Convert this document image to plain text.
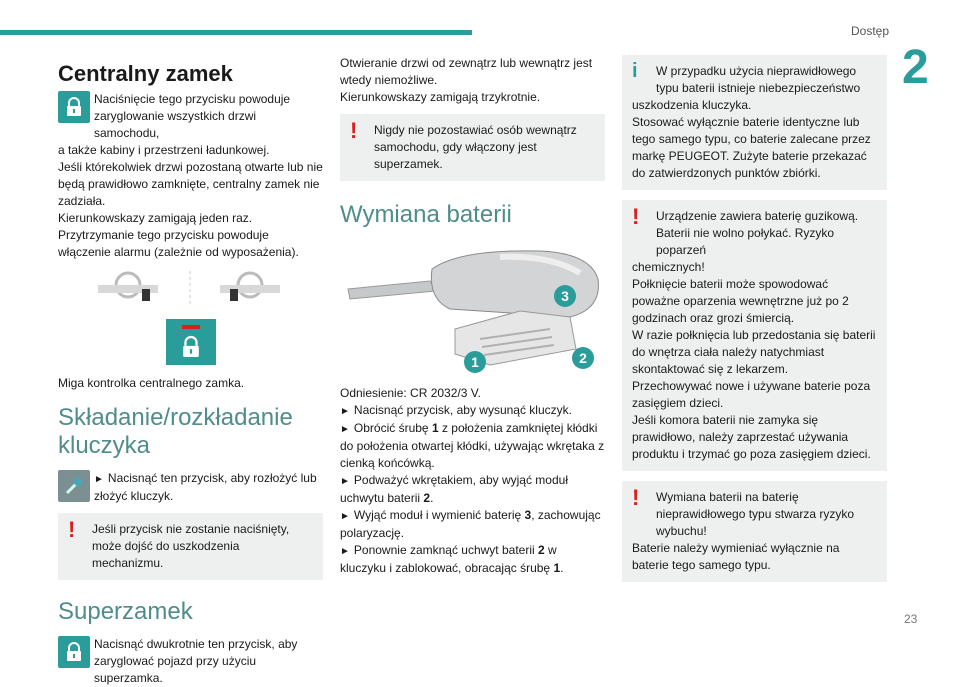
Dostęp
2
Centralny zamek

Naciśnięcie tego przycisku powoduje zaryglowanie wszystkich drzwi samochodu,

a także kabiny i przestrzeni ładunkowej.

Jeśli którekolwiek drzwi pozostaną otwarte lub nie będą prawidłowo zamknięte, centralny zamek nie zadziała.

Kierunkowskazy zamigają jeden raz.

Przytrzymanie tego przycisku powoduje włączenie alarmu (zależnie od wyposażenia).

Miga kontrolka centralnego zamka.

Składanie/rozkładanie kluczyka

► Nacisnąć ten przycisk, aby rozłożyć lub złożyć kluczyk.

!	Jeśli przycisk nie zostanie naciśnięty, może dojść do uszkodzenia mechanizmu.

Superzamek

Nacisnąć dwukrotnie ten przycisk, aby zaryglować pojazd przy użyciu superzamka.

Otwieranie drzwi od zewnątrz lub wewnątrz jest wtedy niemożliwe.

Kierunkowskazy zamigają trzykrotnie.

!	Nigdy nie pozostawiać osób wewnątrz samochodu, gdy włączony jest superzamek.

Wymiana baterii
3
1	2

Odniesienie: CR 2032/3 V.

► Nacisnąć przycisk, aby wysunąć kluczyk.

► Obrócić śrubę 1 z położenia zamkniętej kłódki do położenia otwartej kłódki, używając wkrętaka z cienką końcówką.

► Podważyć wkrętakiem, aby wyjąć moduł uchwytu baterii 2.

► Wyjąć moduł i wymienić baterię 3, zachowując polaryzację.

► Ponownie zamknąć uchwyt baterii 2 w kluczyku i zablokować, obracając śrubę 1.

i	W przypadku użycia nieprawidłowego typu baterii istnieje niebezpieczeństwo

uszkodzenia kluczyka.

Stosować wyłącznie baterie identyczne lub tego samego typu, co baterie zalecane przez markę PEUGEOT. Zużyte baterie przekazać do zatwierdzonych punktów zbiórki.

!	Urządzenie zawiera baterię guzikową. Baterii nie wolno połykać. Ryzyko poparzeń

chemicznych!

Połknięcie baterii może spowodować poważne oparzenia wewnętrzne już po 2 godzinach oraz grozi śmiercią.

W razie połknięcia lub przedostania się baterii do wnętrza ciała należy natychmiast skontaktować się z lekarzem.

Przechowywać nowe i używane baterie poza zasięgiem dzieci.

Jeśli komora baterii nie zamyka się prawidłowo, należy zaprzestać używania produktu i trzymać go poza zasięgiem dzieci.

!	Wymiana baterii na baterię nieprawidłowego typu stwarza ryzyko wybuchu!

Baterie należy wymieniać wyłącznie na baterie tego samego typu.

23
